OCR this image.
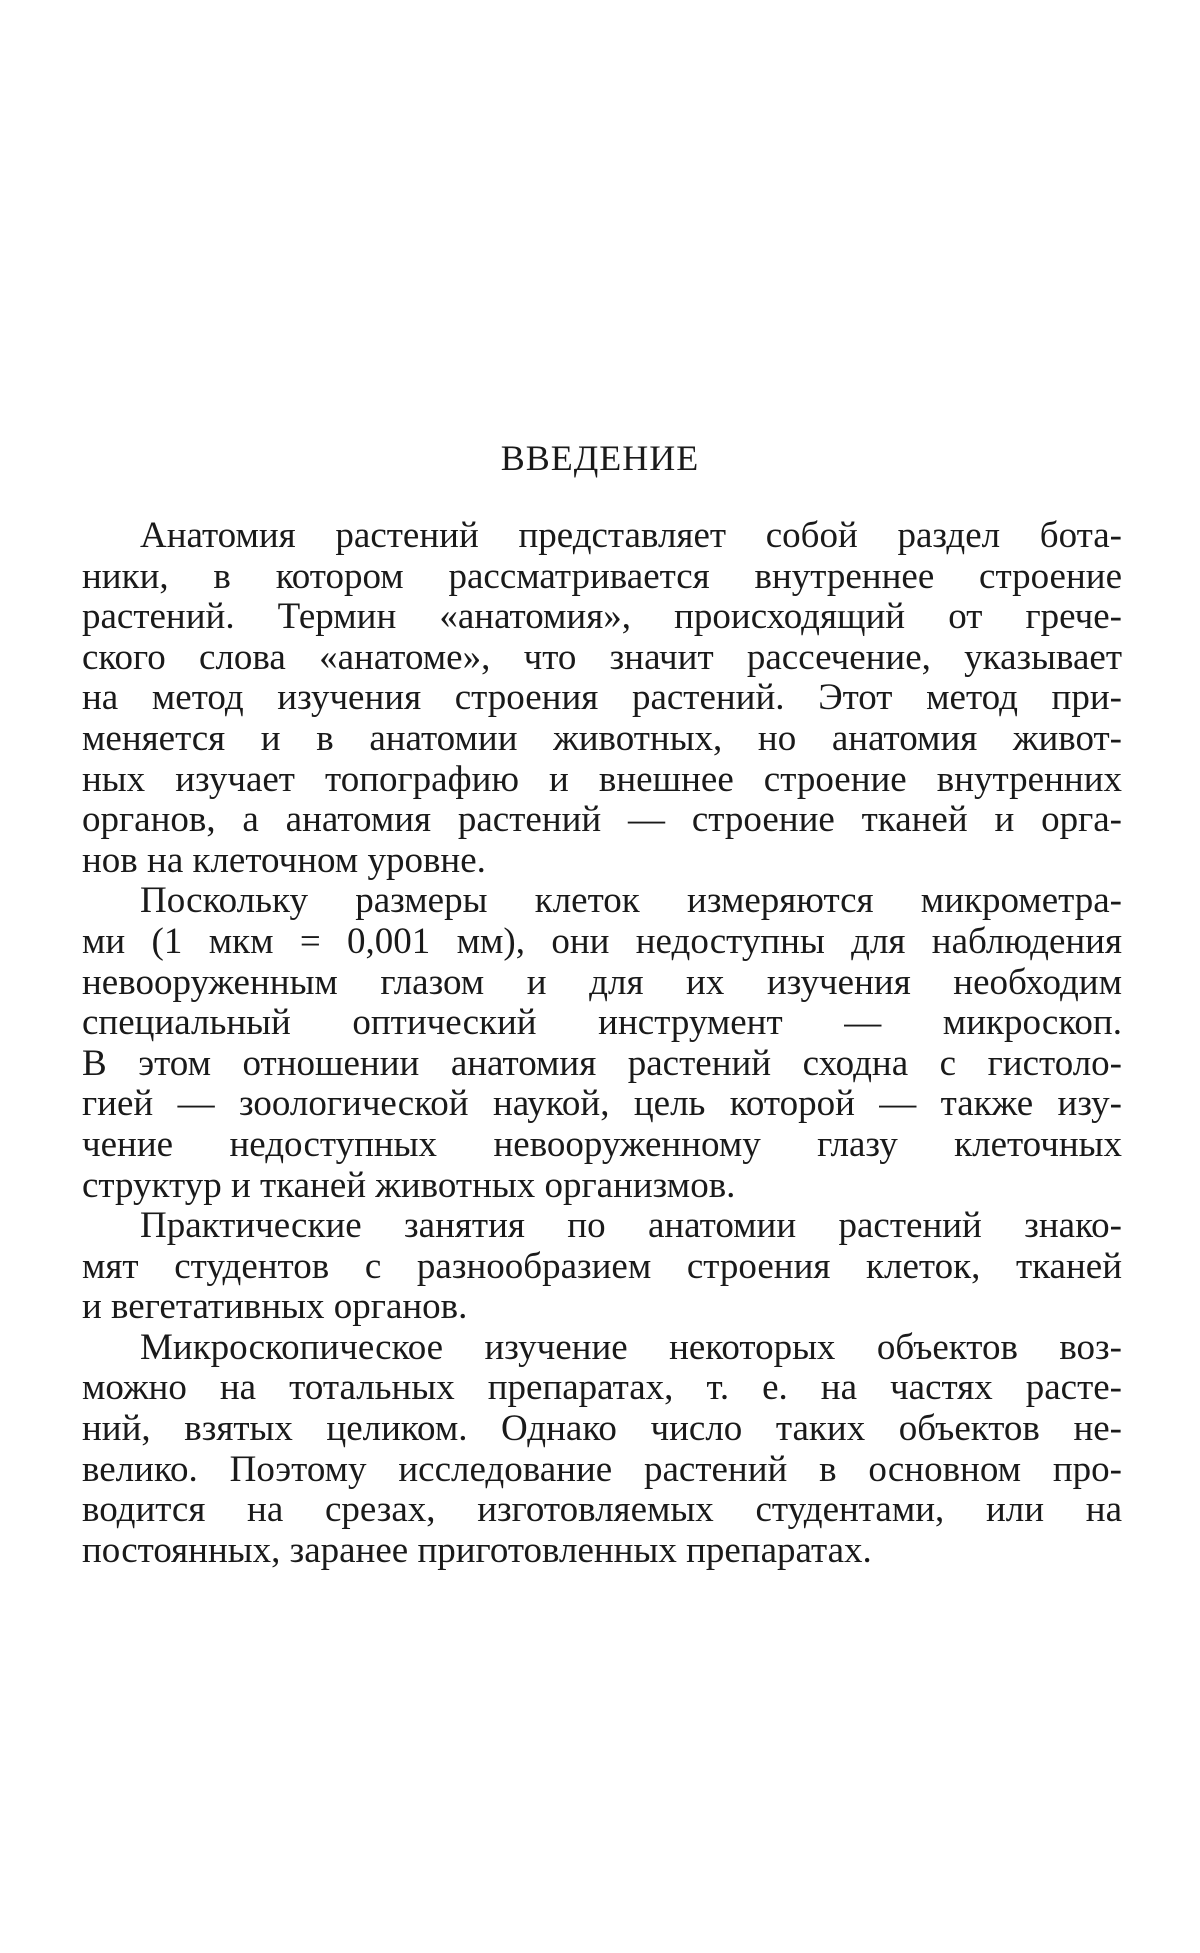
ВВЕДЕНИЕ

Анатомия растений представляет собой раздел бота-
ники, в котором рассматривается внутреннее строение
растений. Термин «анатомия», происходящий от грече-
ского слова «анатоме», что значит рассечение, указывает
на метод изучения строения растений. Этот метод при-
меняется и в анатомии животных, но анатомия живот-
ных изучает топографию и внешнее строение внутренних
органов, а анатомия растений — строение тканей и орга-
нов на клеточном уровне.

Поскольку размеры клеток измеряются микрометра-
ми (1 мкм = 0,001 мм), они недоступны для наблюдения
невооруженным глазом и для их изучения необходим
специальный оптический инструмент — микроскоп.
В этом отношении анатомия растений сходна с гистоло-
гией — зоологической наукой, цель которой — также изу-
чение недоступных невооруженному глазу клеточных
структур и тканей животных организмов.

Практические занятия по анатомии растений знако-
мят студентов с разнообразием строения клеток, тканей
и вегетативных органов.

Микроскопическое изучение некоторых объектов воз-
можно на тотальных препаратах, т. е. на частях расте-
ний, взятых целиком. Однако число таких объектов не-
велико. Поэтому исследование растений в основном про-
водится на срезах, изготовляемых студентами, или на
постоянных, заранее приготовленных препаратах.
